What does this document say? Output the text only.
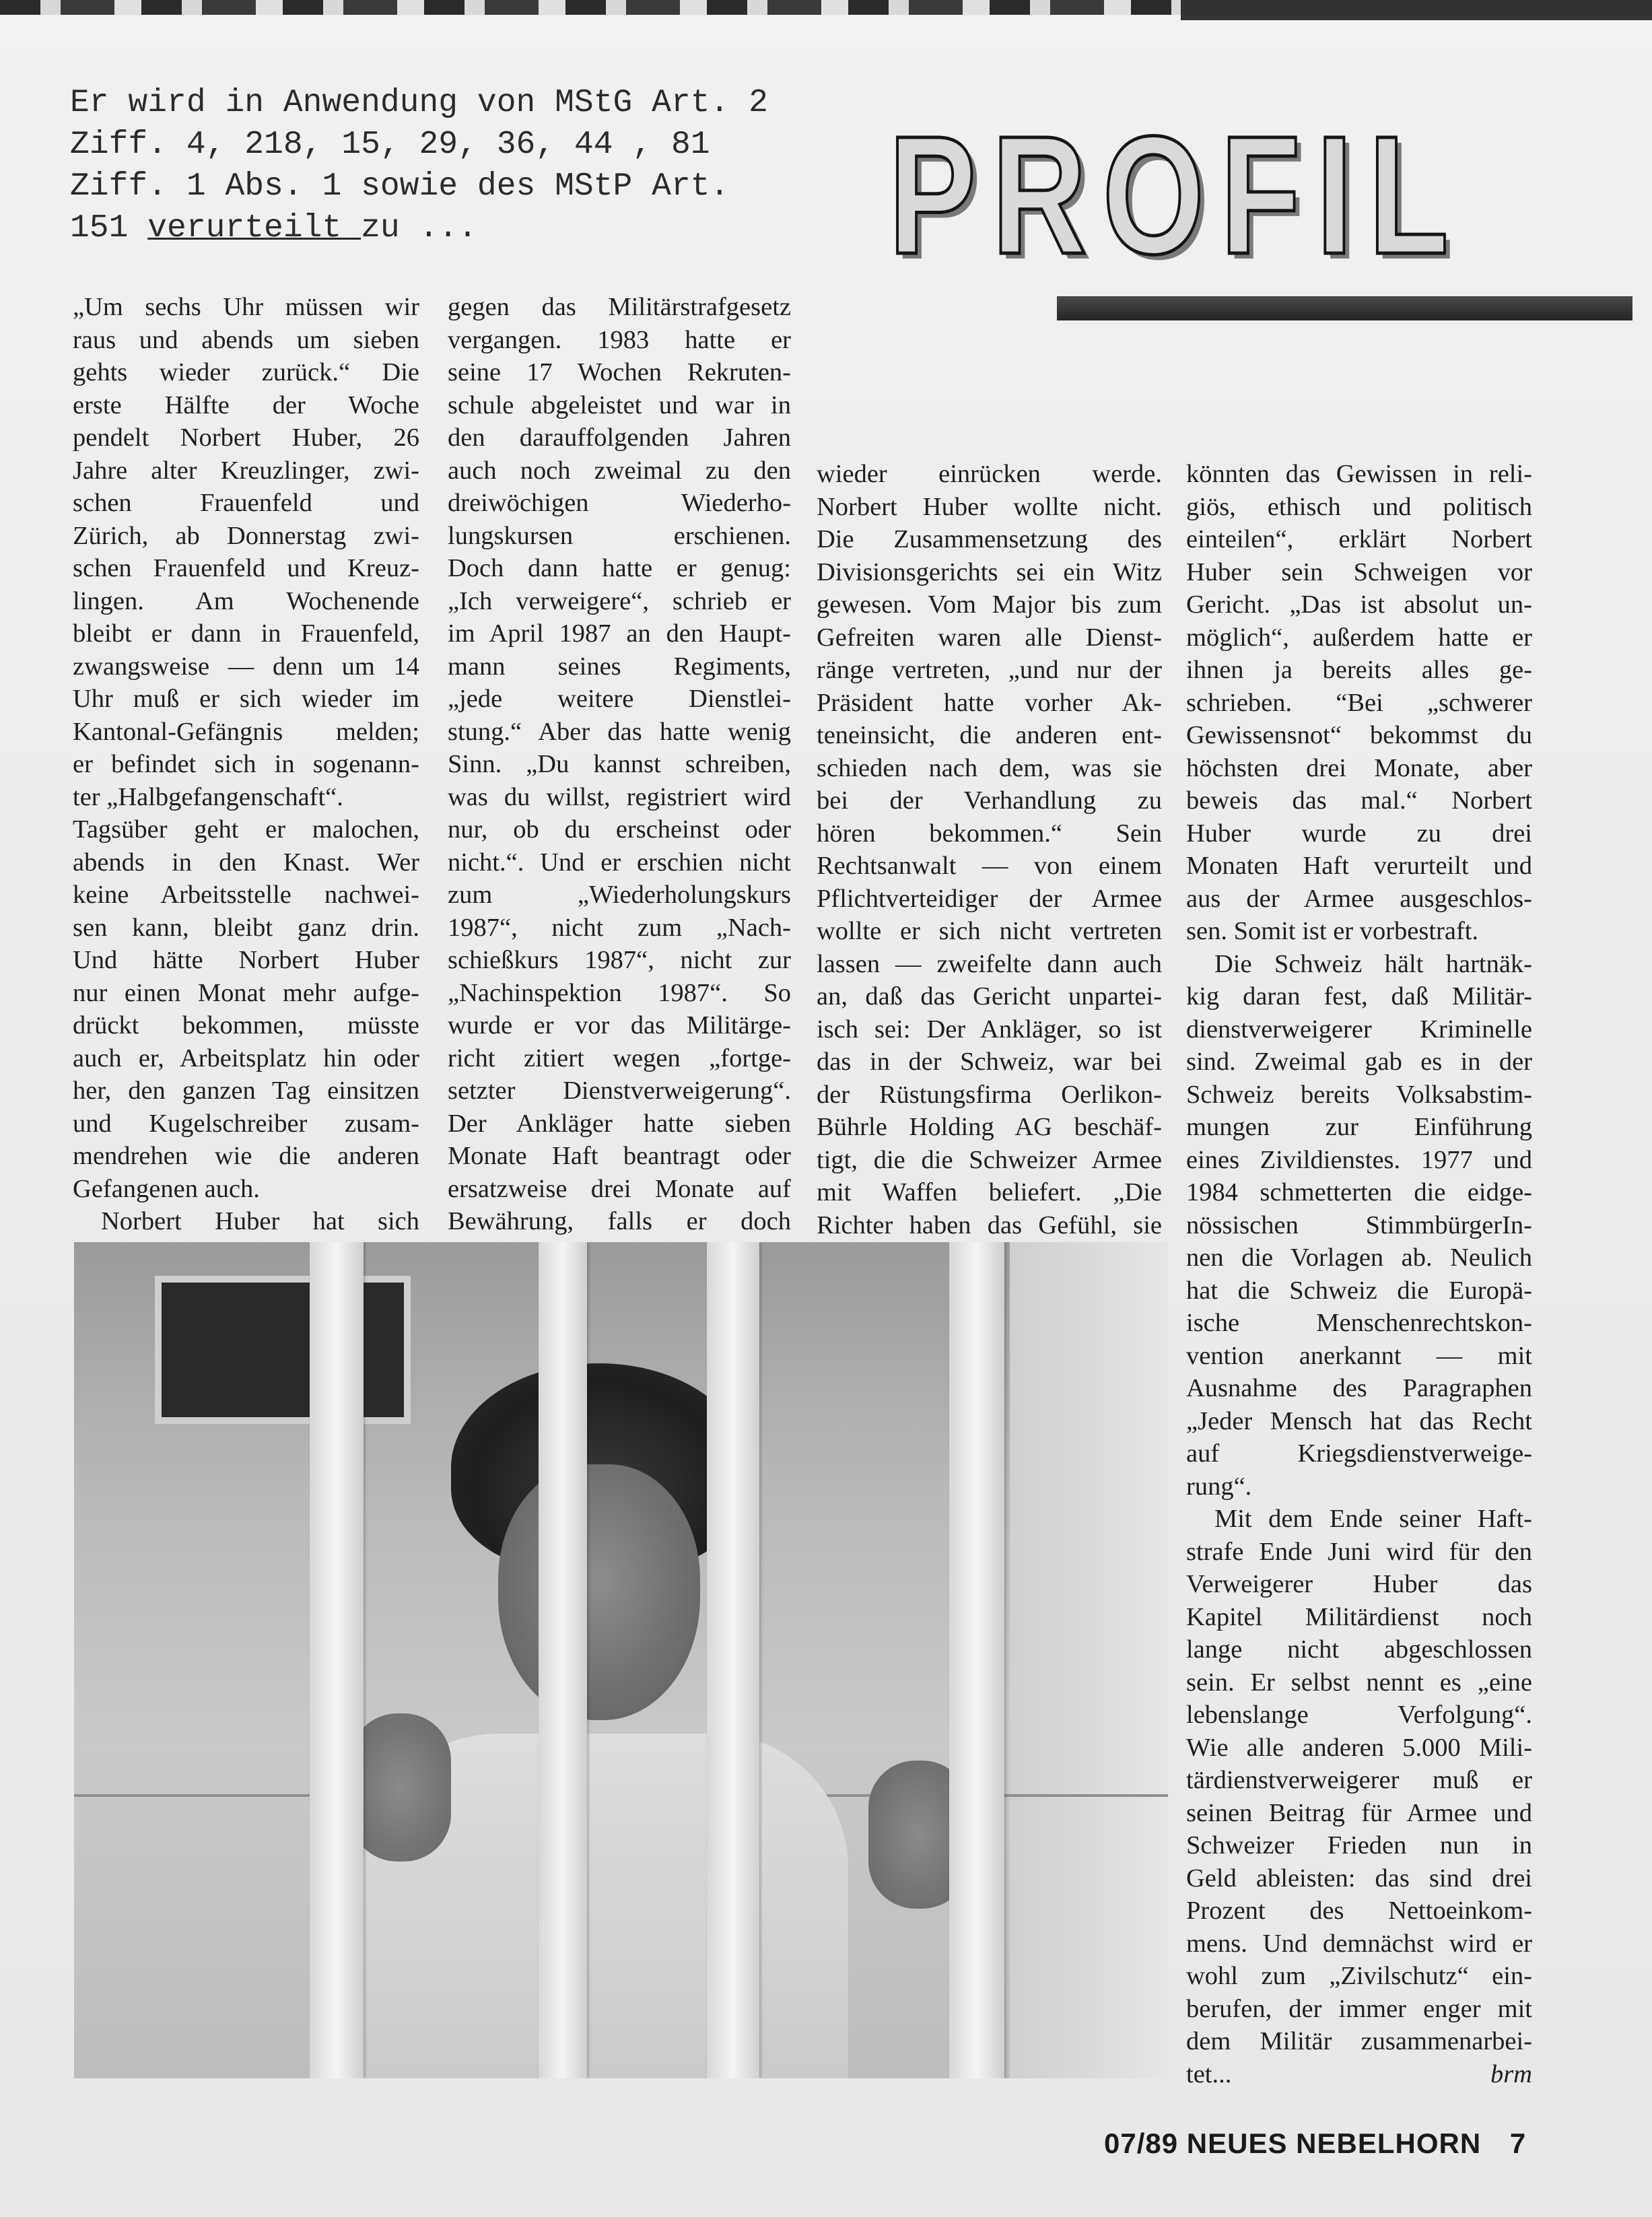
Er wird in Anwendung von MStG Art. 2
Ziff. 4, 218, 15, 29, 36, 44 , 81
Ziff. 1 Abs. 1 sowie des MStP Art.
151 verurteilt zu ...	PROFIL
„Um sechs Uhr müssen wir
raus und abends um sieben
gehts wieder zurück.“ Die
erste Hälfte der Woche
pendelt Norbert Huber, 26
Jahre alter Kreuzlinger, zwi-
schen Frauenfeld und
Zürich, ab Donnerstag zwi-
schen Frauenfeld und Kreuz-
lingen. Am Wochenende
bleibt er dann in Frauenfeld,
zwangsweise — denn um 14
Uhr muß er sich wieder im
Kantonal-Gefängnis melden;
er befindet sich in sogenann-
ter „Halbgefangenschaft“.
Tagsüber geht er malochen,
abends in den Knast. Wer
keine Arbeitsstelle nachwei-
sen kann, bleibt ganz drin.
Und hätte Norbert Huber
nur einen Monat mehr aufge-
drückt bekommen, müsste
auch er, Arbeitsplatz hin oder
her, den ganzen Tag einsitzen
und Kugelschreiber zusam-
mendrehen wie die anderen
Gefangenen auch.
Norbert Huber hat sich
gegen das Militärstrafgesetz
vergangen. 1983 hatte er
seine 17 Wochen Rekruten-
schule abgeleistet und war in
den darauffolgenden Jahren
auch noch zweimal zu den
dreiwöchigen Wiederho-
lungskursen erschienen.
Doch dann hatte er genug:
„Ich verweigere“, schrieb er
im April 1987 an den Haupt-
mann seines Regiments,
„jede weitere Dienstlei-
stung.“ Aber das hatte wenig
Sinn. „Du kannst schreiben,
was du willst, registriert wird
nur, ob du erscheinst oder
nicht.“. Und er erschien nicht
zum „Wiederholungskurs
1987“, nicht zum „Nach-
schießkurs 1987“, nicht zur
„Nachinspektion 1987“. So
wurde er vor das Militärge-
richt zitiert wegen „fortge-
setzter Dienstverweigerung“.
Der Ankläger hatte sieben
Monate Haft beantragt oder
ersatzweise drei Monate auf
Bewährung, falls er doch
wieder einrücken werde.
Norbert Huber wollte nicht.
Die Zusammensetzung des
Divisionsgerichts sei ein Witz
gewesen. Vom Major bis zum
Gefreiten waren alle Dienst-
ränge vertreten, „und nur der
Präsident hatte vorher Ak-
teneinsicht, die anderen ent-
schieden nach dem, was sie
bei der Verhandlung zu
hören bekommen.“ Sein
Rechtsanwalt — von einem
Pflichtverteidiger der Armee
wollte er sich nicht vertreten
lassen — zweifelte dann auch
an, daß das Gericht unpartei-
isch sei: Der Ankläger, so ist
das in der Schweiz, war bei
der Rüstungsfirma Oerlikon-
Bührle Holding AG beschäf-
tigt, die die Schweizer Armee
mit Waffen beliefert. „Die
Richter haben das Gefühl, sie
könnten das Gewissen in reli-
giös, ethisch und politisch
einteilen“, erklärt Norbert
Huber sein Schweigen vor
Gericht. „Das ist absolut un-
möglich“, außerdem hatte er
ihnen ja bereits alles ge-
schrieben. “Bei „schwerer
Gewissensnot“ bekommst du
höchsten drei Monate, aber
beweis das mal.“ Norbert
Huber wurde zu drei
Monaten Haft verurteilt und
aus der Armee ausgeschlos-
sen. Somit ist er vorbestraft.
Die Schweiz hält hartnäk-
kig daran fest, daß Militär-
dienstverweigerer Kriminelle
sind. Zweimal gab es in der
Schweiz bereits Volksabstim-
mungen zur Einführung
eines Zivildienstes. 1977 und
1984 schmetterten die eidge-
nössischen StimmbürgerIn-
nen die Vorlagen ab. Neulich
hat die Schweiz die Europä-
ische Menschenrechtskon-
vention anerkannt — mit
Ausnahme des Paragraphen
„Jeder Mensch hat das Recht
auf Kriegsdienstverweige-
rung“.
Mit dem Ende seiner Haft-
strafe Ende Juni wird für den
Verweigerer Huber das
Kapitel Militärdienst noch
lange nicht abgeschlossen
sein. Er selbst nennt es „eine
lebenslange Verfolgung“.
Wie alle anderen 5.000 Mili-
tärdienstverweigerer muß er
seinen Beitrag für Armee und
Schweizer Frieden nun in
Geld ableisten: das sind drei
Prozent des Nettoeinkom-
mens. Und demnächst wird er
wohl zum „Zivilschutz“ ein-
berufen, der immer enger mit
dem Militär zusammenarbei-
tet...	brm
07/89 NEUES NEBELHORN 7
